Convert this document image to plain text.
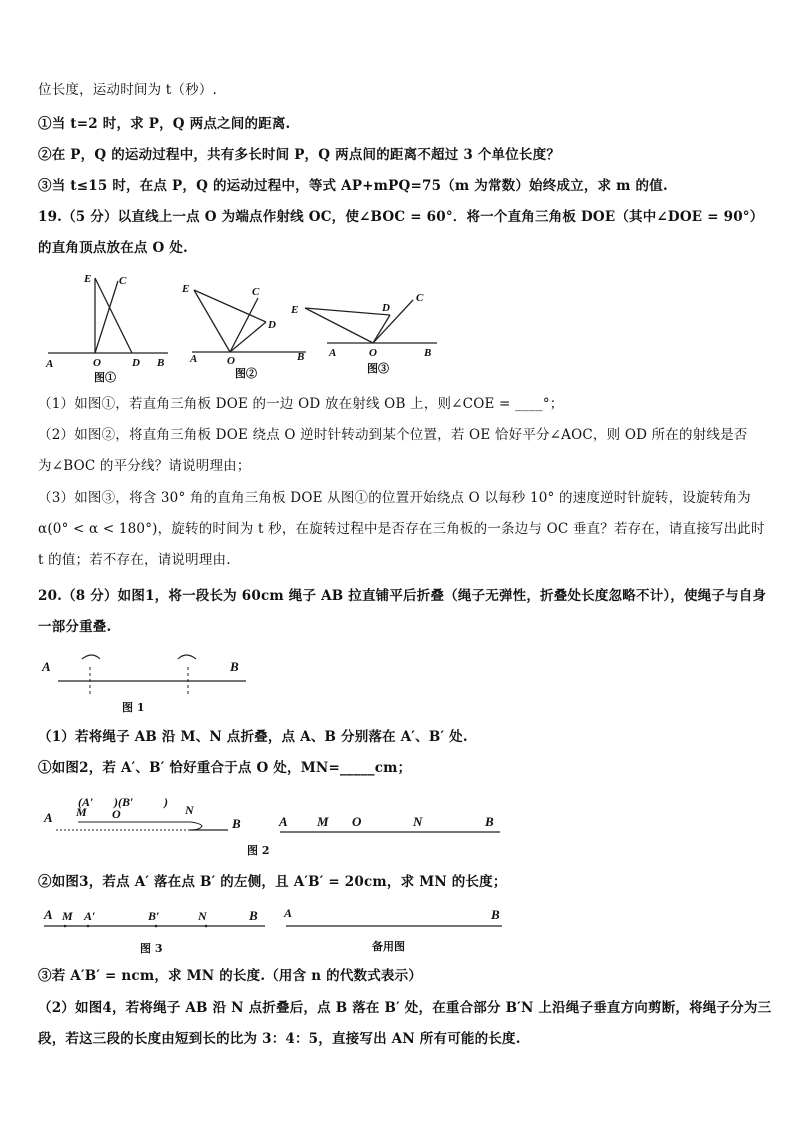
位长度，运动时间为 t（秒）.
①当 t=2 时，求 P，Q 两点之间的距离.
②在 P，Q 的运动过程中，共有多长时间 P，Q 两点间的距离不超过 3 个单位长度？
③当 t≤15 时，在点 P，Q 的运动过程中，等式 AP+mPQ=75（m 为常数）始终成立，求 m 的值.
19.（5 分）以直线上一点 O 为端点作射线 OC，使∠BOC = 60°．将一个直角三角板 DOE（其中∠DOE = 90°）
的直角顶点放在点 O 处.
E	C
A	O	D B
图①
E	C
D
A	O	B
图②
E	D
C
A	O	B
图③
（1）如图①，若直角三角板 DOE 的一边 OD 放在射线 OB 上，则∠COE = ____°；
（2）如图②，将直角三角板 DOE 绕点 O 逆时针转动到某个位置，若 OE 恰好平分∠AOC，则 OD 所在的射线是否
为∠BOC 的平分线？请说明理由；
（3）如图③，将含 30° 角的直角三角板 DOE 从图①的位置开始绕点 O 以每秒 10° 的速度逆时针旋转，设旋转角为
α(0° < α < 180°)，旋转的时间为 t 秒，在旋转过程中是否存在三角板的一条边与 OC 垂直？若存在，请直接写出此时
t 的值；若不存在，请说明理由.
20.（8 分）如图1，将一段长为 60cm 绳子 AB 拉直铺平后折叠（绳子无弹性，折叠处长度忽略不计），使绳子与自身
一部分重叠.
A	B
图 1
（1）若将绳子 AB 沿 M、N 点折叠，点 A、B 分别落在 A′、B′ 处.
①如图2，若 A′、B′ 恰好重合于点 O 处，MN=_____cm；
A M O	N
B
(A′ )(B′	)
A M O	N	B
图 2
②如图3，若点 A′ 落在点 B′ 的左侧，且 A′B′ = 20cm，求 MN 的长度；
A M A′	B′	N	B
图 3
A	B
备用图
③若 A′B′ = ncm，求 MN 的长度.（用含 n 的代数式表示）
（2）如图4，若将绳子 AB 沿 N 点折叠后，点 B 落在 B′ 处，在重合部分 B′N 上沿绳子垂直方向剪断，将绳子分为三
段，若这三段的长度由短到长的比为 3：4：5，直接写出 AN 所有可能的长度.
